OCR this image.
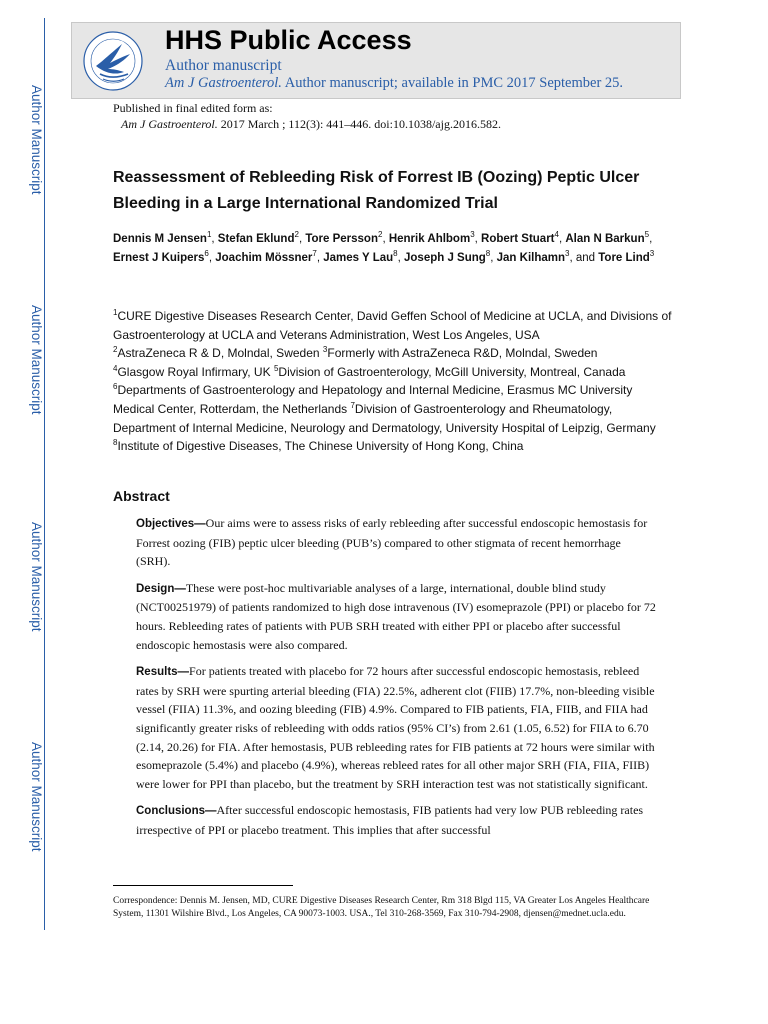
Author Manuscript
Author Manuscript
Author Manuscript
Author Manuscript
HHS Public Access
Author manuscript
Am J Gastroenterol. Author manuscript; available in PMC 2017 September 25.
Published in final edited form as:
Am J Gastroenterol. 2017 March ; 112(3): 441–446. doi:10.1038/ajg.2016.582.
Reassessment of Rebleeding Risk of Forrest IB (Oozing) Peptic Ulcer Bleeding in a Large International Randomized Trial
Dennis M Jensen$^1$, Stefan Eklund$^2$, Tore Persson$^2$, Henrik Ahlbom$^3$, Robert Stuart$^4$, Alan N Barkun$^5$, Ernest J Kuipers$^6$, Joachim Mössner$^7$, James Y Lau$^8$, Joseph J Sung$^8$, Jan Kilhamn$^3$, and Tore Lind$^3$
$^1$CURE Digestive Diseases Research Center, David Geffen School of Medicine at UCLA, and Divisions of Gastroenterology at UCLA and Veterans Administration, West Los Angeles, USA
$^2$AstraZeneca R & D, Molndal, Sweden $^3$Formerly with AstraZeneca R&D, Molndal, Sweden
$^4$Glasgow Royal Infirmary, UK $^5$Division of Gastroenterology, McGill University, Montreal, Canada
$^6$Departments of Gastroenterology and Hepatology and Internal Medicine, Erasmus MC University Medical Center, Rotterdam, the Netherlands $^7$Division of Gastroenterology and Rheumatology, Department of Internal Medicine, Neurology and Dermatology, University Hospital of Leipzig, Germany $^8$Institute of Digestive Diseases, The Chinese University of Hong Kong, China
Abstract

Objectives—Our aims were to assess risks of early rebleeding after successful endoscopic hemostasis for Forrest oozing (FIB) peptic ulcer bleeding (PUB’s) compared to other stigmata of recent hemorrhage (SRH).

Design—These were post-hoc multivariable analyses of a large, international, double blind study (NCT00251979) of patients randomized to high dose intravenous (IV) esomeprazole (PPI) or placebo for 72 hours. Rebleeding rates of patients with PUB SRH treated with either PPI or placebo after successful endoscopic hemostasis were also compared.

Results—For patients treated with placebo for 72 hours after successful endoscopic hemostasis, rebleed rates by SRH were spurting arterial bleeding (FIA) 22.5%, adherent clot (FIIB) 17.7%, non-bleeding visible vessel (FIIA) 11.3%, and oozing bleeding (FIB) 4.9%. Compared to FIB patients, FIA, FIIB, and FIIA had significantly greater risks of rebleeding with odds ratios (95% CI’s) from 2.61 (1.05, 6.52) for FIIA to 6.70 (2.14, 20.26) for FIA. After hemostasis, PUB rebleeding rates for FIB patients at 72 hours were similar with esomeprazole (5.4%) and placebo (4.9%), whereas rebleed rates for all other major SRH (FIA, FIIA, FIIB) were lower for PPI than placebo, but the treatment by SRH interaction test was not statistically significant.

Conclusions—After successful endoscopic hemostasis, FIB patients had very low PUB rebleeding rates irrespective of PPI or placebo treatment. This implies that after successful

Correspondence: Dennis M. Jensen, MD, CURE Digestive Diseases Research Center, Rm 318 Blgd 115, VA Greater Los Angeles Healthcare System, 11301 Wilshire Blvd., Los Angeles, CA 90073-1003. USA., Tel 310-268-3569, Fax 310-794-2908, djensen@mednet.ucla.edu.
